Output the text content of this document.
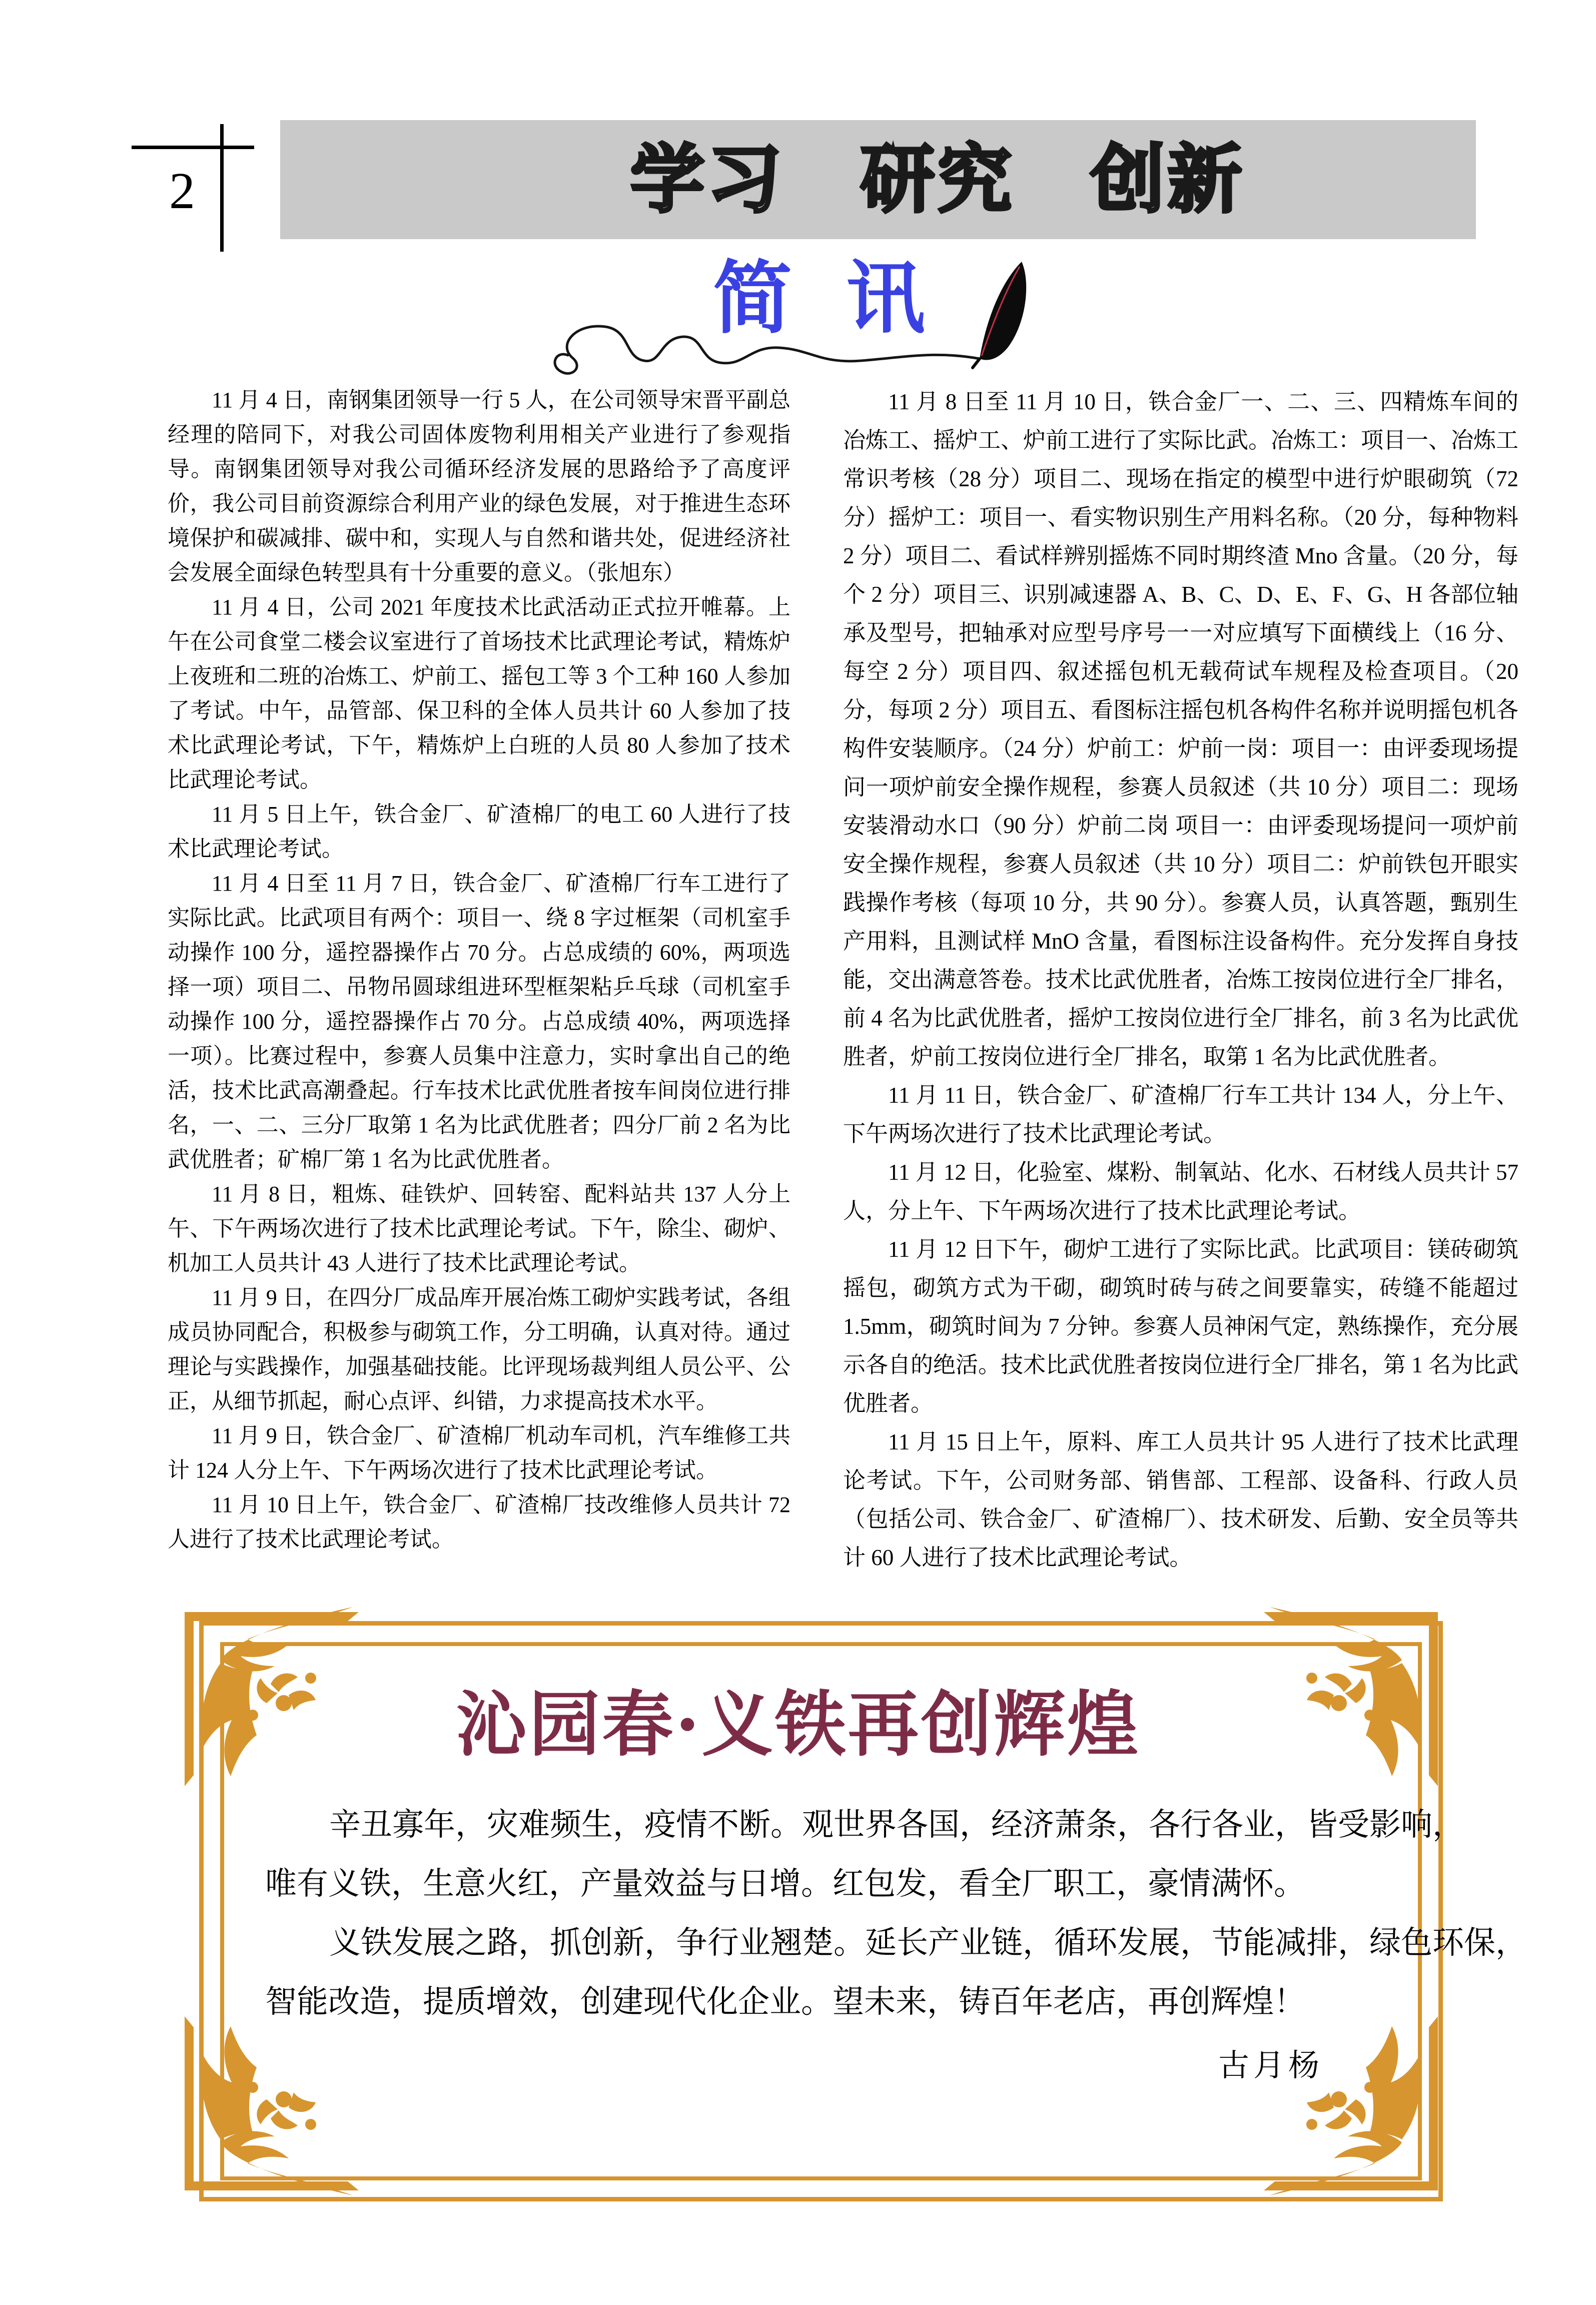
2	学习 研究 创新
简 讯

11 月 4 日，南钢集团领导一行 5 人，在公司领导宋晋平副总经理的陪同下，对我公司固体废物利用相关产业进行了参观指导。南钢集团领导对我公司循环经济发展的思路给予了高度评价，我公司目前资源综合利用产业的绿色发展，对于推进生态环境保护和碳减排、碳中和，实现人与自然和谐共处，促进经济社会发展全面绿色转型具有十分重要的意义。（张旭东）

11 月 4 日，公司 2021 年度技术比武活动正式拉开帷幕。上午在公司食堂二楼会议室进行了首场技术比武理论考试，精炼炉上夜班和二班的冶炼工、炉前工、摇包工等 3 个工种 160 人参加了考试。中午，品管部、保卫科的全体人员共计 60 人参加了技术比武理论考试，下午，精炼炉上白班的人员 80 人参加了技术比武理论考试。

11 月 5 日上午，铁合金厂、矿渣棉厂的电工 60 人进行了技术比武理论考试。

11 月 4 日至 11 月 7 日，铁合金厂、矿渣棉厂行车工进行了实际比武。比武项目有两个：项目一、绕 8 字过框架（司机室手动操作 100 分，遥控器操作占 70 分。占总成绩的 60%，两项选择一项）项目二、吊物吊圆球组进环型框架粘乒乓球（司机室手动操作 100 分，遥控器操作占 70 分。占总成绩 40%，两项选择一项）。比赛过程中，参赛人员集中注意力，实时拿出自己的绝活，技术比武高潮叠起。行车技术比武优胜者按车间岗位进行排名，一、二、三分厂取第 1 名为比武优胜者；四分厂前 2 名为比武优胜者；矿棉厂第 1 名为比武优胜者。

11 月 8 日，粗炼、硅铁炉、回转窑、配料站共 137 人分上午、下午两场次进行了技术比武理论考试。下午，除尘、砌炉、机加工人员共计 43 人进行了技术比武理论考试。

11 月 9 日，在四分厂成品库开展冶炼工砌炉实践考试，各组成员协同配合，积极参与砌筑工作，分工明确，认真对待。通过理论与实践操作，加强基础技能。比评现场裁判组人员公平、公正，从细节抓起，耐心点评、纠错，力求提高技术水平。

11 月 9 日，铁合金厂、矿渣棉厂机动车司机，汽车维修工共计 124 人分上午、下午两场次进行了技术比武理论考试。

11 月 10 日上午，铁合金厂、矿渣棉厂技改维修人员共计 72 人进行了技术比武理论考试。

11 月 8 日至 11 月 10 日，铁合金厂一、二、三、四精炼车间的冶炼工、摇炉工、炉前工进行了实际比武。冶炼工：项目一、冶炼工常识考核（28 分）项目二、现场在指定的模型中进行炉眼砌筑（72 分）摇炉工：项目一、看实物识别生产用料名称。（20 分，每种物料 2 分）项目二、看试样辨别摇炼不同时期终渣 Mno 含量。（20 分，每个 2 分）项目三、识别减速器 A、B、C、D、E、F、G、H 各部位轴承及型号，把轴承对应型号序号一一对应填写下面横线上（16 分、每空 2 分）项目四、叙述摇包机无载荷试车规程及检查项目。（20 分，每项 2 分）项目五、看图标注摇包机各构件名称并说明摇包机各构件安装顺序。（24 分）炉前工：炉前一岗：项目一：由评委现场提问一项炉前安全操作规程，参赛人员叙述（共 10 分）项目二：现场安装滑动水口（90 分）炉前二岗 项目一：由评委现场提问一项炉前安全操作规程，参赛人员叙述（共 10 分）项目二：炉前铁包开眼实践操作考核（每项 10 分，共 90 分）。参赛人员，认真答题，甄别生产用料，且测试样 MnO 含量，看图标注设备构件。充分发挥自身技能，交出满意答卷。技术比武优胜者，冶炼工按岗位进行全厂排名，前 4 名为比武优胜者，摇炉工按岗位进行全厂排名，前 3 名为比武优胜者，炉前工按岗位进行全厂排名，取第 1 名为比武优胜者。

11 月 11 日，铁合金厂、矿渣棉厂行车工共计 134 人，分上午、下午两场次进行了技术比武理论考试。

11 月 12 日，化验室、煤粉、制氧站、化水、石材线人员共计 57 人，分上午、下午两场次进行了技术比武理论考试。

11 月 12 日下午，砌炉工进行了实际比武。比武项目：镁砖砌筑摇包，砌筑方式为干砌，砌筑时砖与砖之间要靠实，砖缝不能超过 1.5mm，砌筑时间为 7 分钟。参赛人员神闲气定，熟练操作，充分展示各自的绝活。技术比武优胜者按岗位进行全厂排名，第 1 名为比武优胜者。

11 月 15 日上午，原料、库工人员共计 95 人进行了技术比武理论考试。下午，公司财务部、销售部、工程部、设备科、行政人员（包括公司、铁合金厂、矿渣棉厂）、技术研发、后勤、安全员等共计 60 人进行了技术比武理论考试。

沁园春·义铁再创辉煌
辛丑寡年，灾难频生，疫情不断。观世界各国，经济萧条，各行各业，皆受影响，
唯有义铁，生意火红，产量效益与日增。红包发，看全厂职工，豪情满怀。
义铁发展之路，抓创新，争行业翘楚。延长产业链，循环发展，节能减排，绿色环保，
智能改造，提质增效，创建现代化企业。望未来，铸百年老店，再创辉煌！
古月杨
